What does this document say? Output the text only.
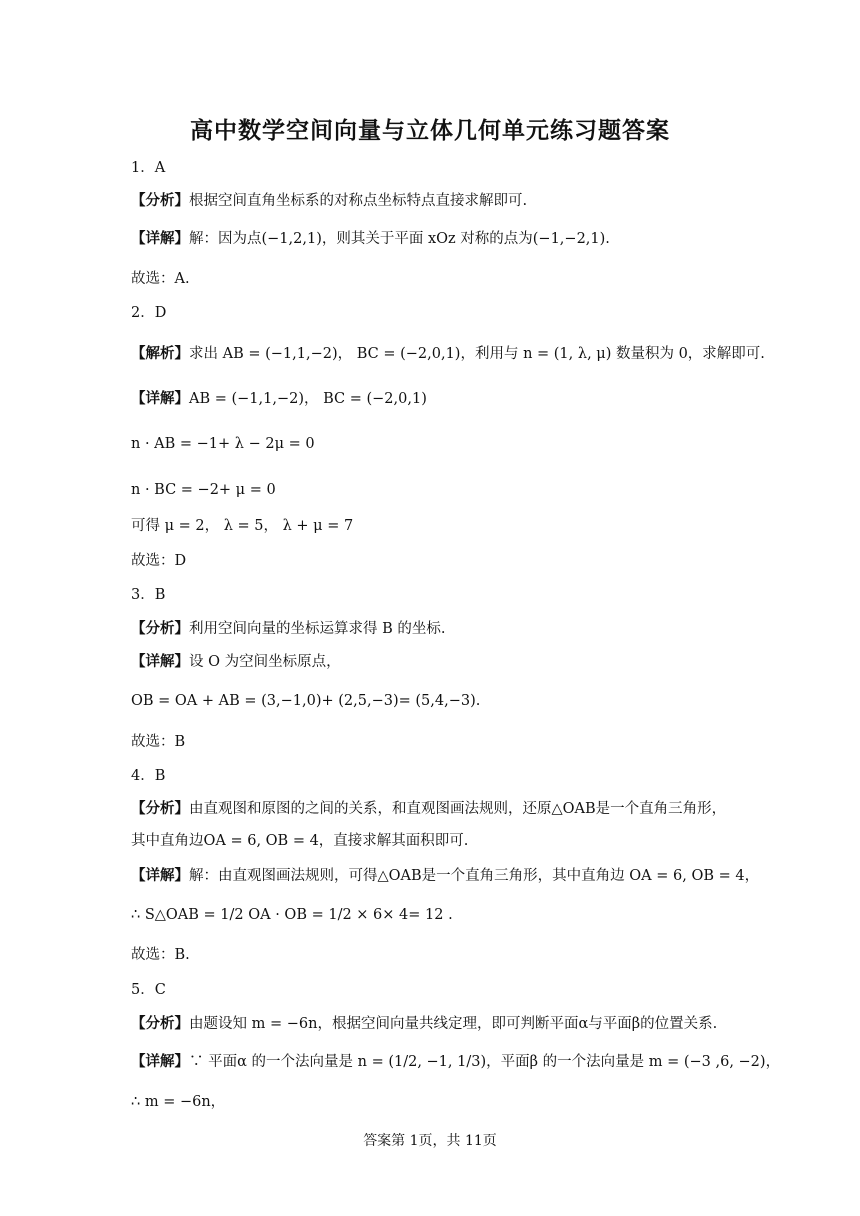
高中数学空间向量与立体几何单元练习题答案
1．A
【分析】根据空间直角坐标系的对称点坐标特点直接求解即可.
【详解】解：因为点(−1,2,1)，则其关于平面 xOz 对称的点为(−1,−2,1).
故选：A.
2．D
【解析】求出 AB = (−1,1,−2)， BC = (−2,0,1)，利用与 n = (1, λ, μ) 数量积为 0，求解即可.
【详解】AB = (−1,1,−2)， BC = (−2,0,1)
n · AB = −1+ λ − 2μ = 0
n · BC = −2+ μ = 0
可得 μ = 2， λ = 5， λ + μ = 7
故选：D
3．B
【分析】利用空间向量的坐标运算求得 B 的坐标.
【详解】设 O 为空间坐标原点，
OB = OA + AB = (3,−1,0)+ (2,5,−3)= (5,4,−3).
故选：B
4．B
【分析】由直观图和原图的之间的关系，和直观图画法规则，还原△OAB是一个直角三角形，
其中直角边OA = 6, OB = 4，直接求解其面积即可.
【详解】解：由直观图画法规则，可得△OAB是一个直角三角形，其中直角边 OA = 6, OB = 4，
∴ S△OAB = 1/2 OA · OB = 1/2 × 6× 4= 12 .
故选：B.
5．C
【分析】由题设知 m = −6n，根据空间向量共线定理，即可判断平面α与平面β的位置关系.
【详解】∵ 平面α 的一个法向量是 n = (1/2, −1, 1/3)，平面β 的一个法向量是 m = (−3 ,6, −2)，
∴ m = −6n，
答案第 1页，共 11页
